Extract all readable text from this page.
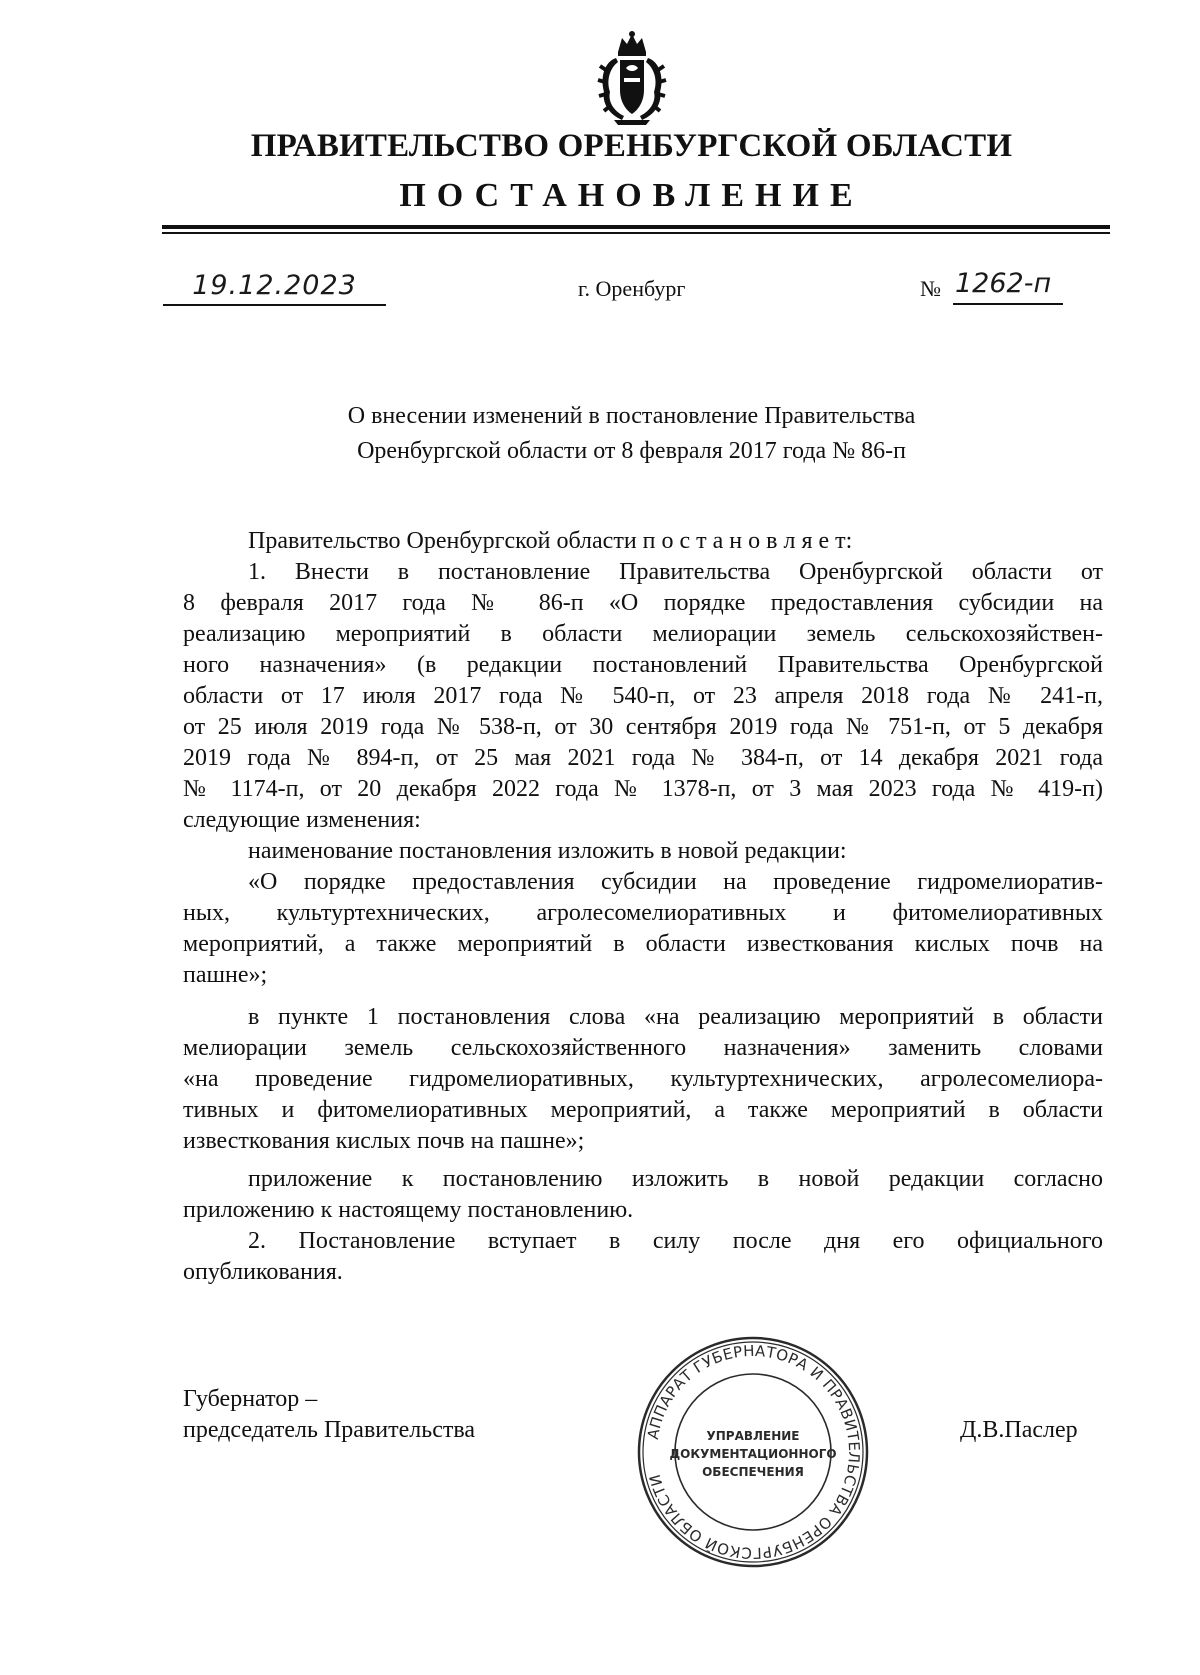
ПРАВИТЕЛЬСТВО ОРЕНБУРГСКОЙ ОБЛАСТИ
ПОСТАНОВЛЕНИЕ
19.12.2023	г. Оренбург	№ 1262-п
О внесении изменений в постановление Правительства
Оренбургской области от 8 февраля 2017 года № 86-п
Правительство Оренбургской области п о с т а н о в л я е т:
1. Внести в постановление Правительства Оренбургской области от
8 февраля 2017 года № 86-п «О порядке предоставления субсидии на
реализацию мероприятий в области мелиорации земель сельскохозяйствен-
ного назначения» (в редакции постановлений Правительства Оренбургской
области от 17 июля 2017 года № 540-п, от 23 апреля 2018 года № 241-п,
от 25 июля 2019 года № 538-п, от 30 сентября 2019 года № 751-п, от 5 декабря
2019 года № 894-п, от 25 мая 2021 года № 384-п, от 14 декабря 2021 года
№ 1174-п, от 20 декабря 2022 года № 1378-п, от 3 мая 2023 года № 419-п)
следующие изменения:
наименование постановления изложить в новой редакции:
«О порядке предоставления субсидии на проведение гидромелиоратив-
ных, культуртехнических, агролесомелиоративных и фитомелиоративных
мероприятий, а также мероприятий в области известкования кислых почв на
пашне»;
в пункте 1 постановления слова «на реализацию мероприятий в области
мелиорации земель сельскохозяйственного назначения» заменить словами
«на проведение гидромелиоративных, культуртехнических, агролесомелиора-
тивных и фитомелиоративных мероприятий, а также мероприятий в области
известкования кислых почв на пашне»;
приложение к постановлению изложить в новой редакции согласно
приложению к настоящему постановлению.
2. Постановление вступает в силу после дня его официального
опубликования.
Губернатор –
председатель Правительства	Д.В.Паслер
АППАРАТ ГУБЕРНАТОРА И ПРАВИТЕЛЬСТВА ОРЕНБУРГСКОЙ ОБЛАСТИ
УПРАВЛЕНИЕ
ДОКУМЕНТАЦИОННОГО
ОБЕСПЕЧЕНИЯ
